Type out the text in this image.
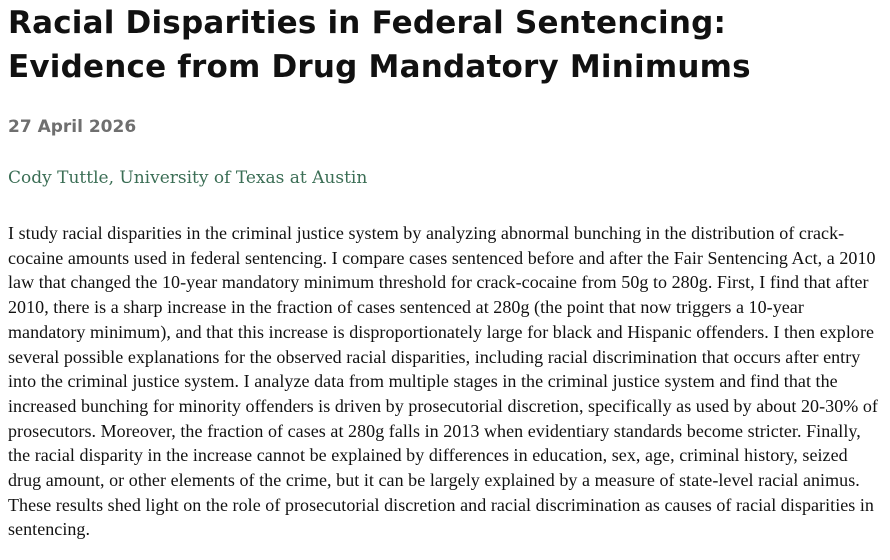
Racial Disparities in Federal Sentencing: Evidence from Drug Mandatory Minimums
27 April 2026
Cody Tuttle, University of Texas at Austin

I study racial disparities in the criminal justice system by analyzing abnormal bunching in the distribution of crack-cocaine amounts used in federal sentencing. I compare cases sentenced before and after the Fair Sentencing Act, a 2010 law that changed the 10-year mandatory minimum threshold for crack-cocaine from 50g to 280g. First, I find that after 2010, there is a sharp increase in the fraction of cases sentenced at 280g (the point that now triggers a 10-year mandatory minimum), and that this increase is disproportionately large for black and Hispanic offenders. I then explore several possible explanations for the observed racial disparities, including racial discrimination that occurs after entry into the criminal justice system. I analyze data from multiple stages in the criminal justice system and find that the increased bunching for minority offenders is driven by prosecutorial discretion, specifically as used by about 20-30% of prosecutors. Moreover, the fraction of cases at 280g falls in 2013 when evidentiary standards become stricter. Finally, the racial disparity in the increase cannot be explained by differences in education, sex, age, criminal history, seized drug amount, or other elements of the crime, but it can be largely explained by a measure of state-level racial animus. These results shed light on the role of prosecutorial discretion and racial discrimination as causes of racial disparities in sentencing.
